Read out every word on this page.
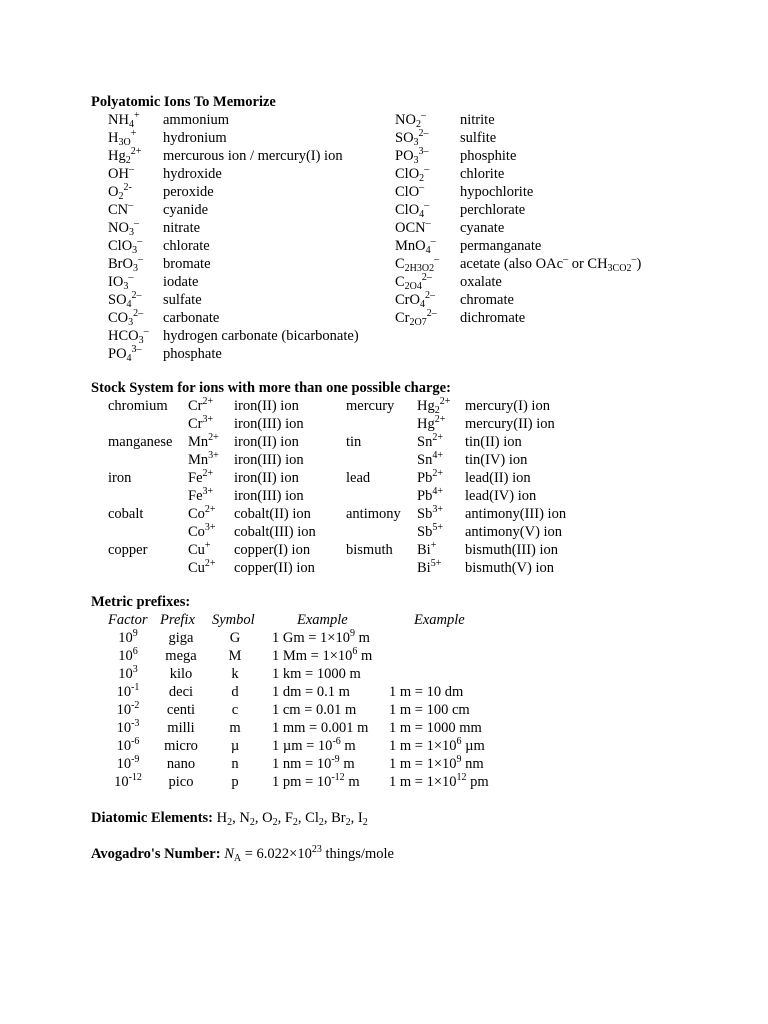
Polyatomic Ions To Memorize
$NH_4^+$ ammonium
$H_{3O}^+$ hydronium
$Hg_2^{2+}$ mercurous ion / mercury(I) ion
OH– hydroxide
$O_2^{2-}$ peroxide
CN– cyanide
$NO_3^-$ nitrate
ClO$_3$– chlorate
BrO$_3$– bromate
$IO_3^-$ iodate
$SO_4^{2-}$ sulfate
$CO_3^{2-}$ carbonate
$HCO_3^-$ hydrogen carbonate (bicarbonate)
$PO_4^{3-}$ phosphate
$NO_2^-$ nitrite
$SO_3^{2-}$ sulfite
$PO_3^{3-}$ phosphite
ClO$_2$– chlorite
ClO– hypochlorite
ClO$_4$– perchlorate
OCN– cyanate
MnO$_4$– permanganate
$C_{2H3O2}^-$ acetate (also OAc– or $CH_{3CO2}^-$)
$C_{2O4}^{2-}$ oxalate
CrO$_4^{2-}$ chromate
$Cr_{2O7}^{2-}$ dichromate
Stock System for ions with more than one possible charge:
chromium $Cr^{2+}$ iron(II) ion
$Cr^{3+}$ iron(III) ion
manganese $Mn^{2+}$ iron(II) ion
$Mn^{3+}$ iron(III) ion
iron	$Fe^{2+}$ iron(II) ion
$Fe^{3+}$ iron(III) ion
cobalt	$Co^{2+}$ cobalt(II) ion
$Co^{3+}$ cobalt(III) ion
copper	Cu+ copper(I) ion
$Cu^{2+}$ copper(II) ion
mercury $Hg_2^{2+}$ mercury(I) ion
$Hg^{2+}$ mercury(II) ion
tin	$Sn^{2+}$ tin(II) ion
$Sn^{4+}$ tin(IV) ion
lead	$Pb^{2+}$ lead(II) ion
$Pb^{4+}$ lead(IV) ion
antimony $Sb^{3+}$ antimony(III) ion
$Sb^{5+}$ antimony(V) ion
bismuth Bi+ bismuth(III) ion
$Bi^{5+}$ bismuth(V) ion
Metric prefixes:
Factor Prefix Symbol	Example	Example
$10^9$	giga	G	1 $Gm = 1\times 10^9$ m
$10^6$	mega	M	1 $Mm = 1\times 10^6$ m
$10^3$	kilo	k	1 km = 1000 m
$10^{-1}$	deci	d	1 dm = 0.1 m	1 m = 10 dm
$10^{-2}$	centi	c	1 cm = 0.01 m 1 m = 100 cm
$10^{-3}$	milli	m	1 mm = 0.001 m 1 m = 1000 mm
$10^{-6}$	micro	µ	1 $\mu m = 10^{-6}$ m 1 $m = 1\times 10^6$ µm
$10^{-9}$	nano	n	1 nm = $10^{-9}$ m 1 $m = 1\times 10^9$ nm
$10^{-12}$	pico	p	1 pm = $10^{-12}$ m 1 $m = 1\times 10^{12}$ pm
Diatomic Elements: $H_2$, $N_2$, $O_2$, $F_2$, $Cl_2$, $Br_2$, $I_2$
Avogadro's Number: $N_A = 6.022\times 10^{23}$ things/mole
